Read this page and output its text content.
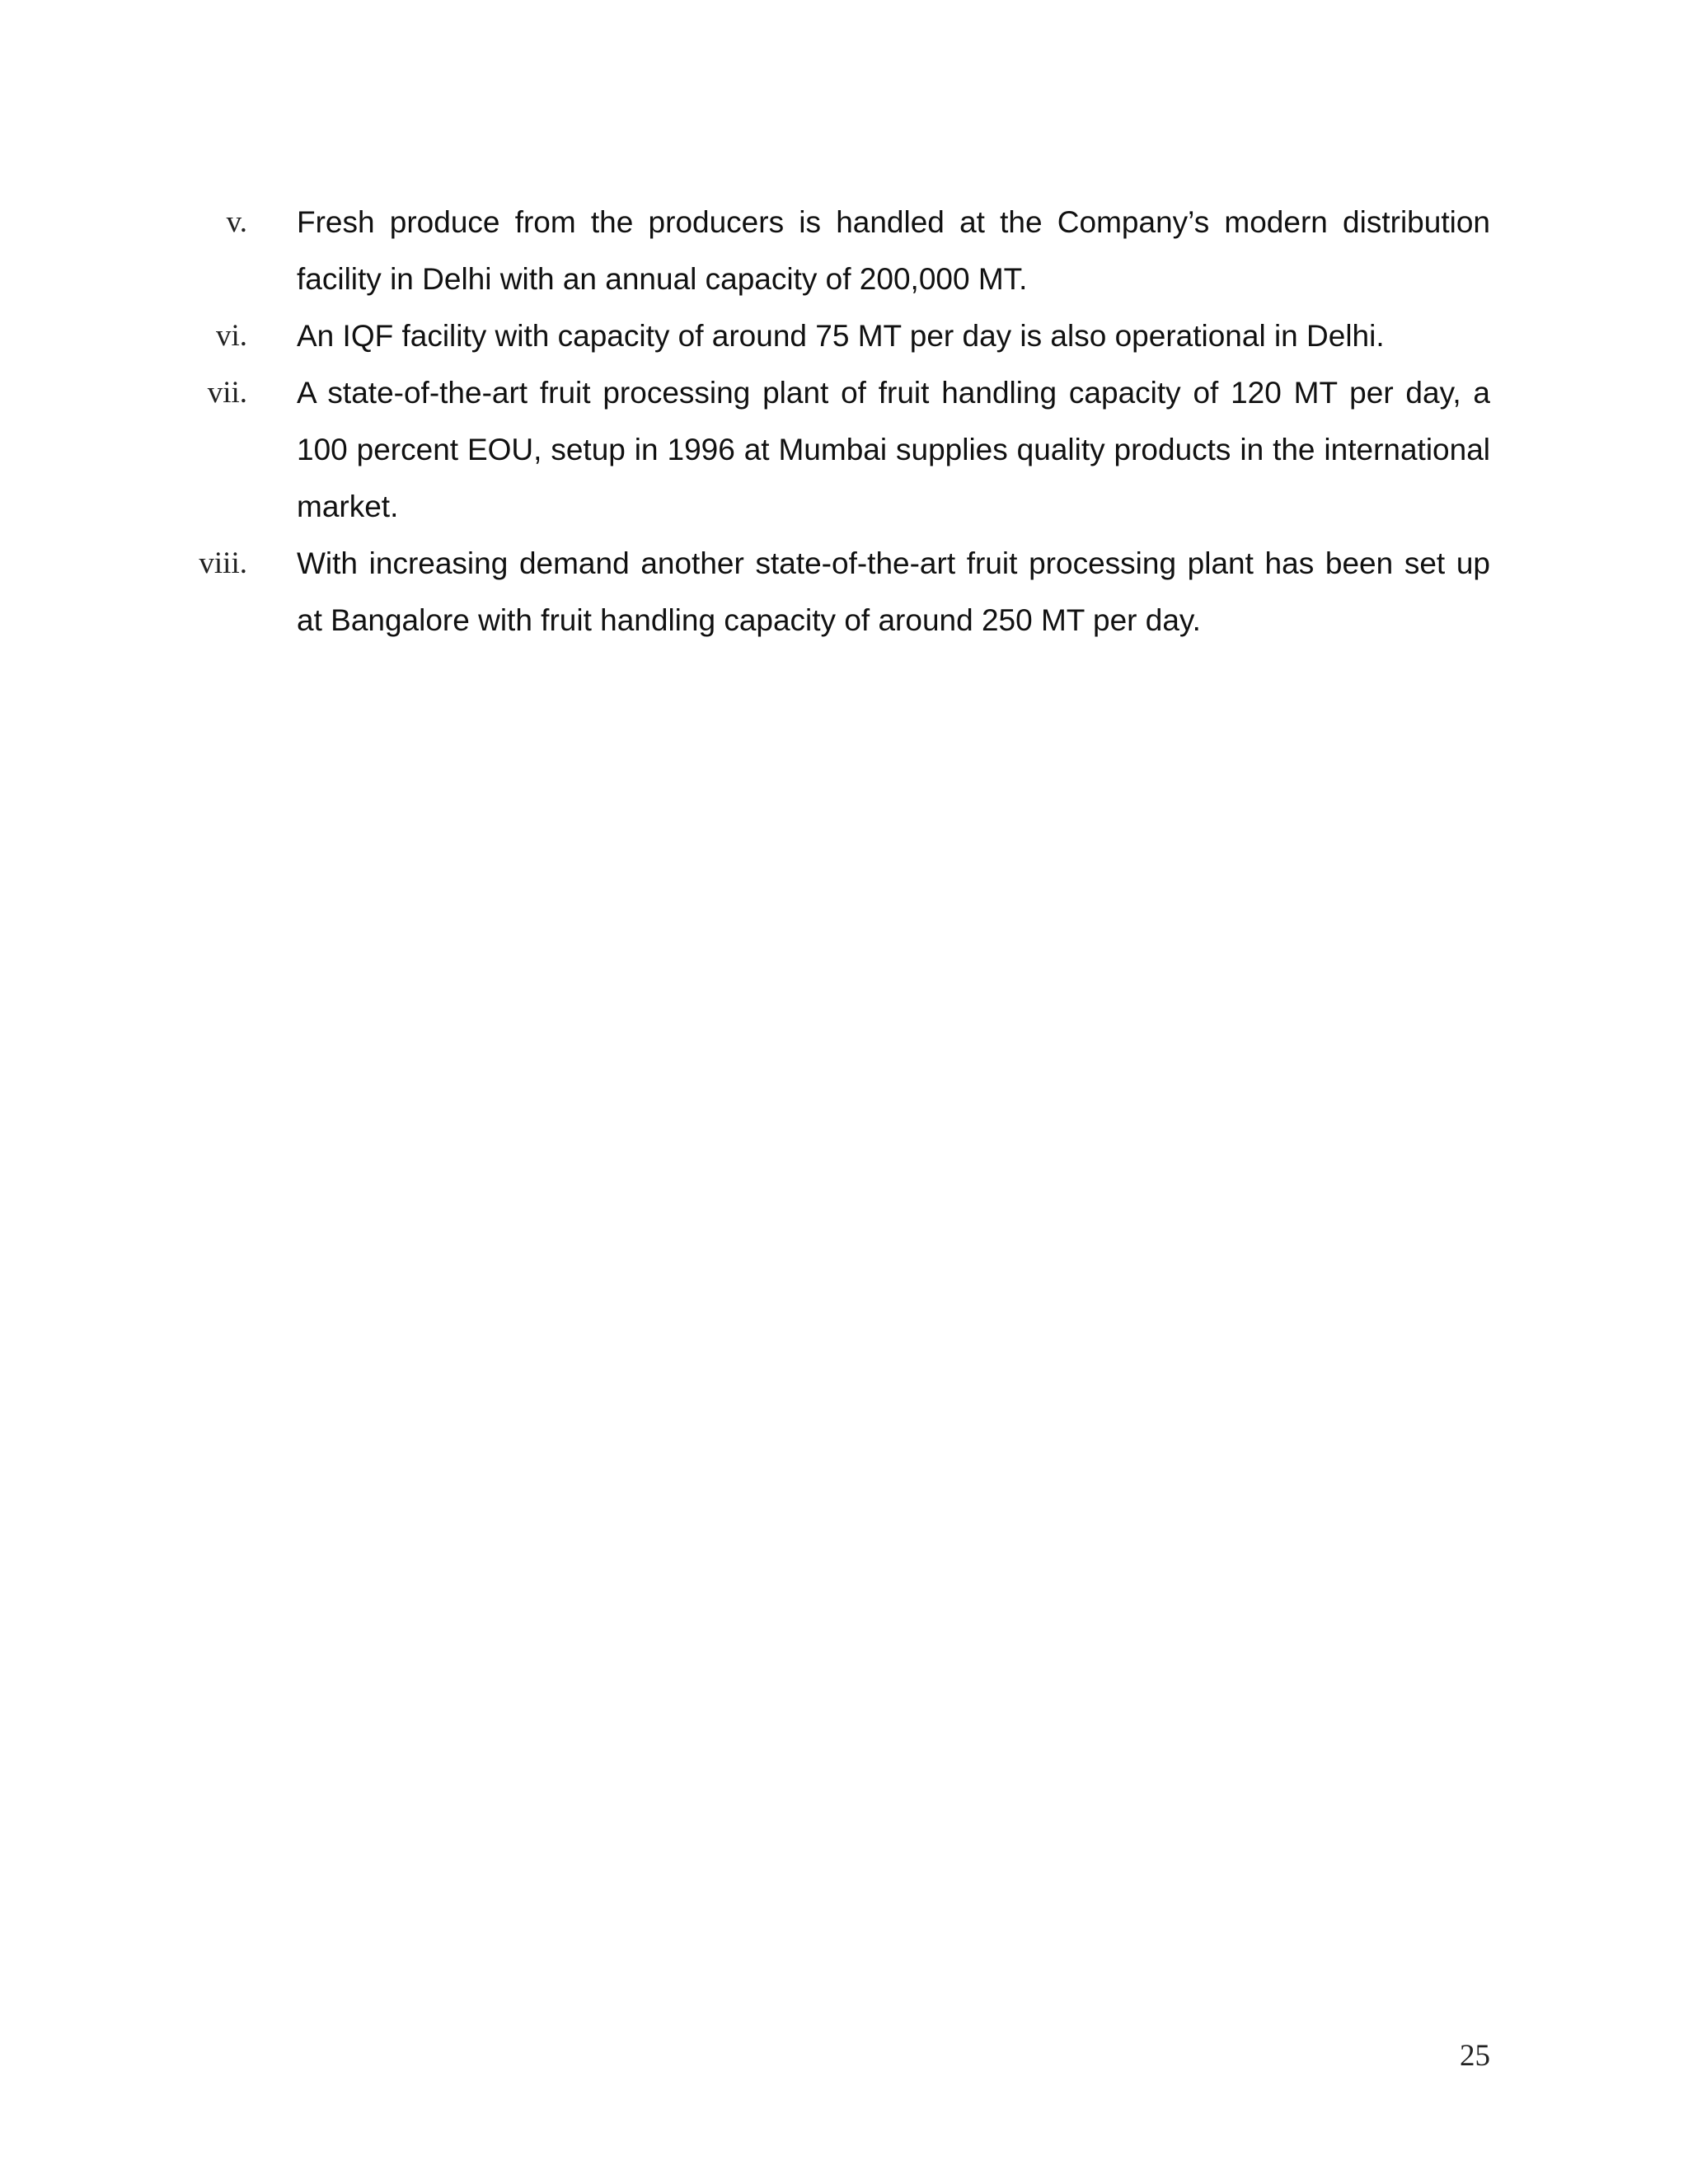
v. Fresh produce from the producers is handled at the Company’s modern distribution facility in Delhi with an annual capacity of 200,000 MT.
vi. An IQF facility with capacity of around 75 MT per day is also operational in Delhi.
vii. A state-of-the-art fruit processing plant of fruit handling capacity of 120 MT per day, a 100 percent EOU, setup in 1996 at Mumbai supplies quality products in the international market.
viii. With increasing demand another state-of-the-art fruit processing plant has been set up at Bangalore with fruit handling capacity of around 250 MT per day.
25
